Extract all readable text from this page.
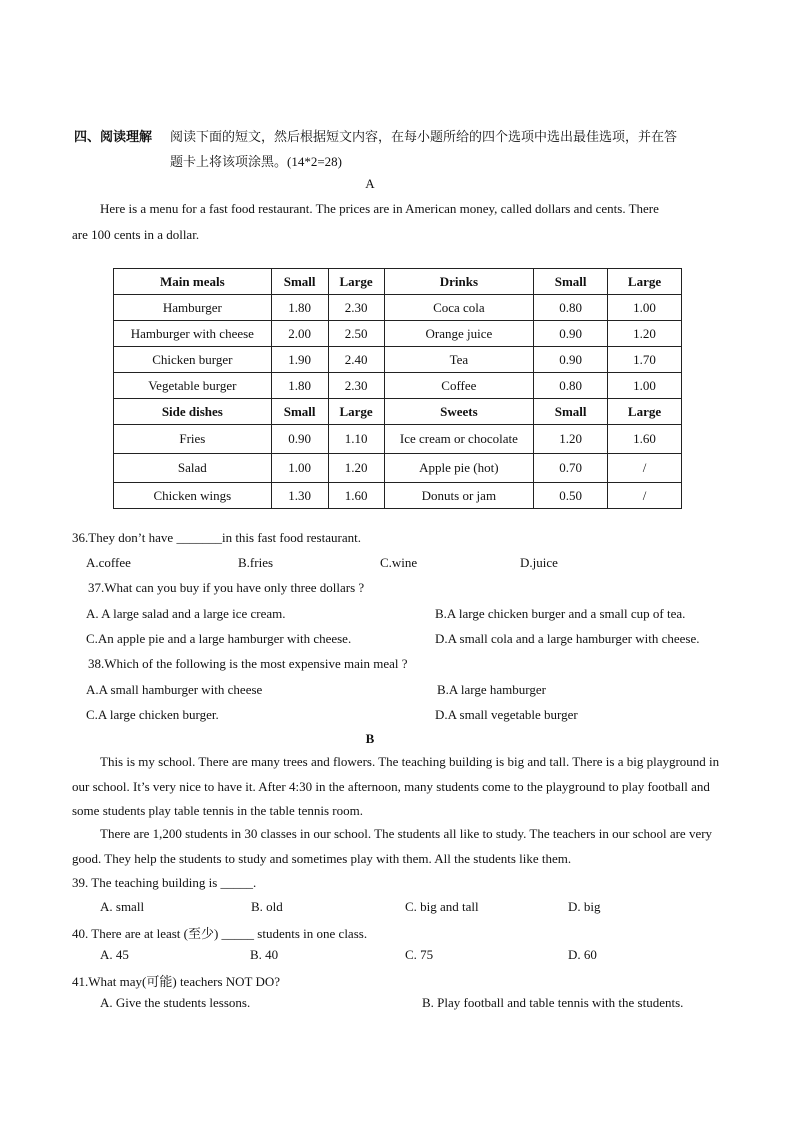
四、阅读理解 阅读下面的短文，然后根据短文内容，在每小题所给的四个选项中选出最佳选项，并在答
题卡上将该项涂黑。(14*2=28)
A
Here is a menu for a fast food restaurant. The prices are in American money, called dollars and cents. There
are 100 cents in a dollar.
Main meals	Small	Large	Drinks	Small	Large
Hamburger	1.80	2.30	Coca cola	0.80	1.00
Hamburger with cheese	2.00	2.50	Orange juice	0.90	1.20
Chicken burger	1.90	2.40	Tea	0.90	1.70
Vegetable burger	1.80	2.30	Coffee	0.80	1.00
Side dishes	Small	Large	Sweets	Small	Large
Fries	0.90	1.10	Ice cream or chocolate	1.20	1.60
Salad	1.00	1.20	Apple pie (hot)	0.70	/
Chicken wings	1.30	1.60	Donuts or jam	0.50	/
36.They don’t have _______in this fast food restaurant.
A.coffee	B.fries	C.wine	D.juice
37.What can you buy if you have only three dollars ?
A. A large salad and a large ice cream.	B.A large chicken burger and a small cup of tea.
C.An apple pie and a large hamburger with cheese.	D.A small cola and a large hamburger with cheese.
38.Which of the following is the most expensive main meal ?
A.A small hamburger with cheese	B.A large hamburger
C.A large chicken burger.	D.A small vegetable burger
B
This is my school. There are many trees and flowers. The teaching building is big and tall. There is a big playground in our school. It’s very nice to have it. After 4:30 in the afternoon, many students come to the playground to play football and some students play table tennis in the table tennis room.
There are 1,200 students in 30 classes in our school. The students all like to study. The teachers in our school are very good. They help the students to study and sometimes play with them. All the students like them.
39. The teaching building is _____.
A. small	B. old	C. big and tall	D. big
40. There are at least (至少) _____ students in one class.
A. 45	B. 40	C. 75	D. 60
41.What may(可能) teachers NOT DO?
A. Give the students lessons.	B. Play football and table tennis with the students.
